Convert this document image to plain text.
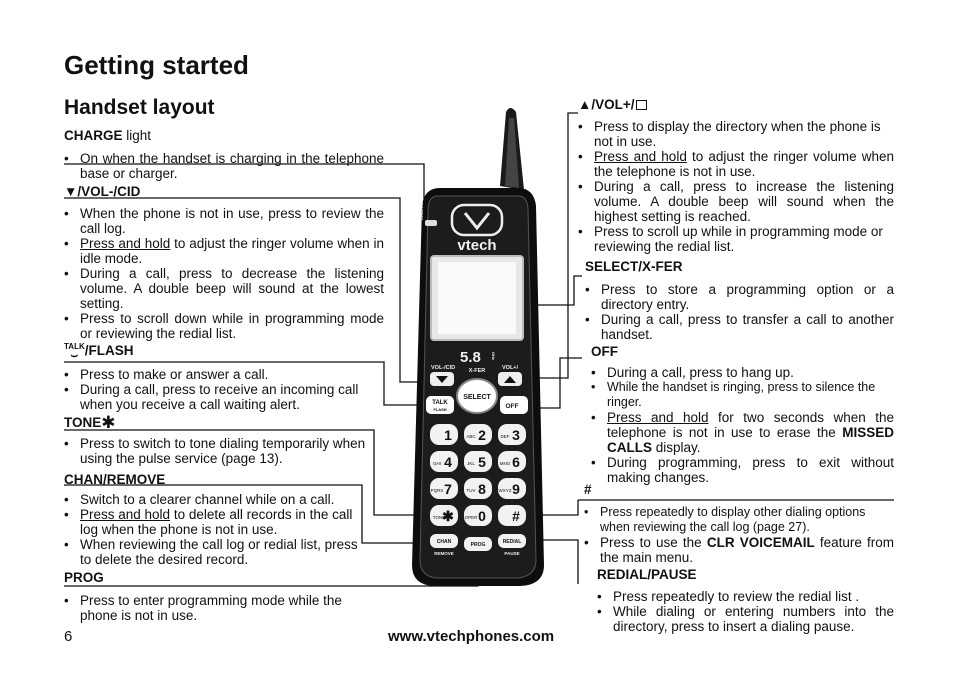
Getting started
Handset layout
CHARGE light
• On when the handset is charging in the telephone base or charger.
▼/VOL-/CID
• When the phone is not in use, press to review the call log.
• Press and hold to adjust the ringer volume when in idle mode.
• During a call, press to decrease the listening volume. A double beep will sound at the lowest setting.
• Press to scroll down while in programming mode or reviewing the redial list.
TALK
⌣ /FLASH
• Press to make or answer a call.
• During a call, press to receive an incoming call when you receive a call waiting alert.
TONE✱
• Press to switch to tone dialing temporarily when using the pulse service (page 13).
CHAN/REMOVE
• Switch to a clearer channel while on a call.
• Press and hold to delete all records in the call log when the phone is not in use.
• When reviewing the call log or redial list, press to delete the desired record.
PROG
• Press to enter programming mode while the phone is not in use.
▲/VOL+/
• Press to display the directory when the phone is not in use.
• Press and hold to adjust the ringer volume when the telephone is not in use.
• During a call, press to increase the listening volume. A double beep will sound when the highest setting is reached.
• Press to scroll up while in programming mode or reviewing the redial list.
SELECT/X-FER
• Press to store a programming option or a directory entry.
• During a call, press to transfer a call to another handset.
OFF
• During a call, press to hang up.
• While the handset is ringing, press to silence the ringer.
• Press and hold for two seconds when the telephone is not in use to erase the MISSED CALLS display.
• During programming, press to exit without making changes.
#
• Press repeatedly to display other dialing options when reviewing the call log (page 27).
• Press to use the CLR VOICEMAIL feature from the main menu.
REDIAL/PAUSE
• Press repeatedly to review the redial list .
• While dialing or entering numbers into the directory, press to insert a dialing pause.
vtech
5.8	GHz
CHARGE
VOL-/CID X-FER	VOL+/
OFF
TALK
FLASH
SELECT
CHAN
REMOVE
PROG	REDIAL
PAUSE
1 2
ABC	3
DEF
4
GHI	5
JKL	6
MNO
7
PQRS 8
TUV	9
WXYZ
✱ 0
OPER #
TONE
6	www.vtechphones.com
